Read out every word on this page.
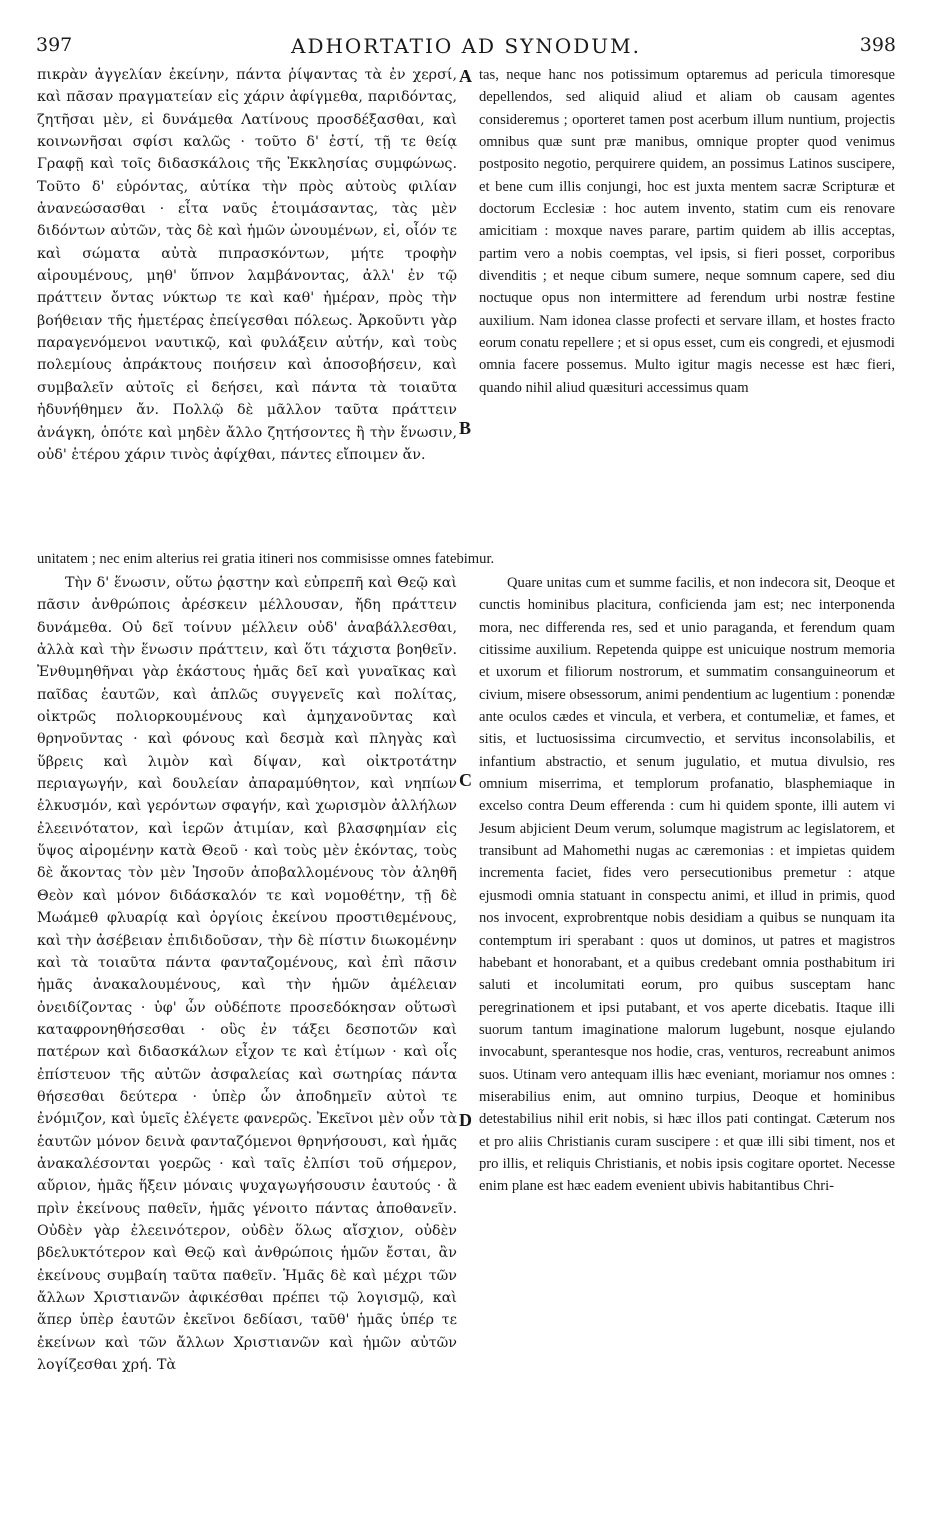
397	ADHORTATIO AD SYNODUM.	398

πικρὰν ἀγγελίαν ἐκείνην, πάντα ῥίψαντας τὰ ἐν χερσί, καὶ πᾶσαν πραγματείαν εἰς χάριν ἀφίγμεθα, παριδόντας, ζητῆσαι μὲν, εἰ δυνάμεθα Λατίνους προσδέξασθαι, καὶ κοινωνῆσαι σφίσι καλῶς · τοῦτο δ' ἐστί, τῇ τε θείᾳ Γραφῇ καὶ τοῖς διδασκάλοις τῆς Ἐκκλησίας συμφώνως. Τοῦτο δ' εὑρόντας, αὐτίκα τὴν πρὸς αὐτοὺς φιλίαν ἀνανεώσασθαι · εἶτα ναῦς ἑτοιμάσαντας, τὰς μὲν διδόντων αὐτῶν, τὰς δὲ καὶ ἡμῶν ὠνουμένων, εἰ, οἷόν τε καὶ σώματα αὐτὰ πιπρασκόντων, μήτε τροφὴν αἱρουμένους, μηθ' ὕπνον λαμβάνοντας, ἀλλ' ἐν τῷ πράττειν ὄντας νύκτωρ τε καὶ καθ' ἡμέραν, πρὸς τὴν βοήθειαν τῆς ἡμετέρας ἐπείγεσθαι πόλεως. Ἀρκοῦντι γὰρ παραγενόμενοι ναυτικῷ, καὶ φυλάξειν αὐτήν, καὶ τοὺς πολεμίους ἀπράκτους ποιήσειν καὶ ἀποσοβήσειν, καὶ συμβαλεῖν αὐτοῖς εἰ δεήσει, καὶ πάντα τὰ τοιαῦτα ἠδυνήθημεν ἄν. Πολλῷ δὲ μᾶλλον ταῦτα πράττειν ἀνάγκη, ὁπότε καὶ μηδὲν ἄλλο ζητήσοντες ἢ τὴν ἕνωσιν, οὐδ' ἑτέρου χάριν τινὸς ἀφίχθαι, πάντες εἴποιμεν ἄν.

tas, neque hanc nos potissimum optaremus ad pericula timoresque depellendos, sed aliquid aliud et aliam ob causam agentes consideremus ; oporteret tamen post acerbum illum nuntium, projectis omnibus quæ sunt præ manibus, omnique propter quod venimus postposito negotio, perquirere quidem, an possimus Latinos suscipere, et bene cum illis conjungi, hoc est juxta mentem sacræ Scripturæ et doctorum Ecclesiæ : hoc autem invento, statim cum eis renovare amicitiam : moxque naves parare, partim quidem ab illis acceptas, partim vero a nobis coemptas, vel ipsis, si fieri posset, corporibus divenditis ; et neque cibum sumere, neque somnum capere, sed diu noctuque opus non intermittere ad ferendum urbi nostræ festine auxilium. Nam idonea classe profecti et servare illam, et hostes fracto eorum conatu repellere ; et si opus esset, cum eis congredi, et ejusmodi omnia facere possemus. Multo igitur magis necesse est hæc fieri, quando nihil aliud quæsituri accessimus quam

unitatem ; nec enim alterius rei gratia itineri nos commisisse omnes fatebimur.

Τὴν δ' ἕνωσιν, οὕτω ῥᾳστην καὶ εὐπρεπῆ καὶ Θεῷ καὶ πᾶσιν ἀνθρώποις ἀρέσκειν μέλλουσαν, ἤδη πράττειν δυνάμεθα. Οὐ δεῖ τοίνυν μέλλειν οὐδ' ἀναβάλλεσθαι, ἀλλὰ καὶ τὴν ἕνωσιν πράττειν, καὶ ὅτι τάχιστα βοηθεῖν. Ἐνθυμηθῆναι γὰρ ἑκάστους ἡμᾶς δεῖ καὶ γυναῖκας καὶ παῖδας ἑαυτῶν, καὶ ἁπλῶς συγγενεῖς καὶ πολίτας, οἰκτρῶς πολιορκουμένους καὶ ἀμηχανοῦντας καὶ θρηνοῦντας · καὶ φόνους καὶ δεσμὰ καὶ πληγὰς καὶ ὕβρεις καὶ λιμὸν καὶ δίψαν, καὶ οἰκτροτάτην περιαγωγήν, καὶ δουλείαν ἀπαραμύθητον, καὶ νηπίων ἑλκυσμόν, καὶ γερόντων σφαγήν, καὶ χωρισμὸν ἀλλήλων ἐλεεινότατον, καὶ ἱερῶν ἀτιμίαν, καὶ βλασφημίαν εἰς ὕψος αἱρομένην κατὰ Θεοῦ · καὶ τοὺς μὲν ἑκόντας, τοὺς δὲ ἄκοντας τὸν μὲν Ἰησοῦν ἀποβαλλομένους τὸν ἀληθῆ Θεὸν καὶ μόνον διδάσκαλόν τε καὶ νομοθέτην, τῇ δὲ Μωάμεθ φλυαρίᾳ καὶ ὀργίοις ἐκείνου προστιθεμένους, καὶ τὴν ἀσέβειαν ἐπιδιδοῦσαν, τὴν δὲ πίστιν διωκομένην καὶ τὰ τοιαῦτα πάντα φανταζομένους, καὶ ἐπὶ πᾶσιν ἡμᾶς ἀνακαλουμένους, καὶ τὴν ἡμῶν ἀμέλειαν ὀνειδίζοντας · ὑφ' ὧν οὐδέποτε προσεδόκησαν οὕτωσὶ καταφρονηθήσεσθαι · οὓς ἐν τάξει δεσποτῶν καὶ πατέρων καὶ διδασκάλων εἶχον τε καὶ ἐτίμων · καὶ οἷς ἐπίστευον τῆς αὐτῶν ἀσφαλείας καὶ σωτηρίας πάντα θήσεσθαι δεύτερα · ὑπὲρ ὧν ἀποδημεῖν αὐτοὶ τε ἐνόμιζον, καὶ ὑμεῖς ἐλέγετε φανερῶς. Ἐκεῖνοι μὲν οὖν τὰ ἑαυτῶν μόνον δεινὰ φανταζόμενοι θρηνήσουσι, καὶ ἡμᾶς ἀνακαλέσονται γοερῶς · καὶ ταῖς ἐλπίσι τοῦ σήμερον, αὔριον, ἡμᾶς ἥξειν μόναις ψυχαγωγήσουσιν ἑαυτούς · ἃ πρὶν ἐκείνους παθεῖν, ἡμᾶς γένοιτο πάντας ἀποθανεῖν. Οὐδὲν γὰρ ἐλεεινότερον, οὐδὲν ὅλως αἴσχιον, οὐδὲν βδελυκτότερον καὶ Θεῷ καὶ ἀνθρώποις ἡμῶν ἔσται, ἂν ἐκείνους συμβαίη ταῦτα παθεῖν. Ἡμᾶς δὲ καὶ μέχρι τῶν ἄλλων Χριστιανῶν ἀφικέσθαι πρέπει τῷ λογισμῷ, καὶ ἅπερ ὑπὲρ ἑαυτῶν ἐκεῖνοι δεδίασι, ταῦθ' ἡμᾶς ὑπέρ τε ἐκείνων καὶ τῶν ἄλλων Χριστιανῶν καὶ ἡμῶν αὐτῶν λογίζεσθαι χρή. Τὰ

Quare unitas cum et summe facilis, et non indecora sit, Deoque et cunctis hominibus placitura, conficienda jam est; nec interponenda mora, nec differenda res, sed et unio paraganda, et ferendum quam citissime auxilium. Repetenda quippe est unicuique nostrum memoria et uxorum et filiorum nostrorum, et summatim consanguineorum et civium, misere obsessorum, animi pendentium ac lugentium : ponendæ ante oculos cædes et vincula, et verbera, et contumeliæ, et fames, et sitis, et luctuosissima circumvectio, et servitus inconsolabilis, et infantium abstractio, et senum jugulatio, et mutua divulsio, res omnium miserrima, et templorum profanatio, blasphemiaque in excelso contra Deum efferenda : cum hi quidem sponte, illi autem vi Jesum abjicient Deum verum, solumque magistrum ac legislatorem, et transibunt ad Mahomethi nugas ac cæremonias : et impietas quidem incrementa faciet, fides vero persecutionibus premetur : atque ejusmodi omnia statuant in conspectu animi, et illud in primis, quod nos invocent, exprobrentque nobis desidiam a quibus se nunquam ita contemptum iri sperabant : quos ut dominos, ut patres et magistros habebant et honorabant, et a quibus credebant omnia posthabitum iri saluti et incolumitati eorum, pro quibus susceptam hanc peregrinationem et ipsi putabant, et vos aperte dicebatis. Itaque illi suorum tantum imaginatione malorum lugebunt, nosque ejulando invocabunt, sperantesque nos hodie, cras, venturos, recreabunt animos suos. Utinam vero antequam illis hæc eveniant, moriamur nos omnes : miserabilius enim, aut omnino turpius, Deoque et hominibus detestabilius nihil erit nobis, si hæc illos pati contingat. Cæterum nos et pro aliis Christianis curam suscipere : et quæ illi sibi timent, nos et pro illis, et reliquis Christianis, et nobis ipsis cogitare oportet. Necesse enim plane est hæc eadem evenient ubivis habitantibus Chri-

A
B
C
D
